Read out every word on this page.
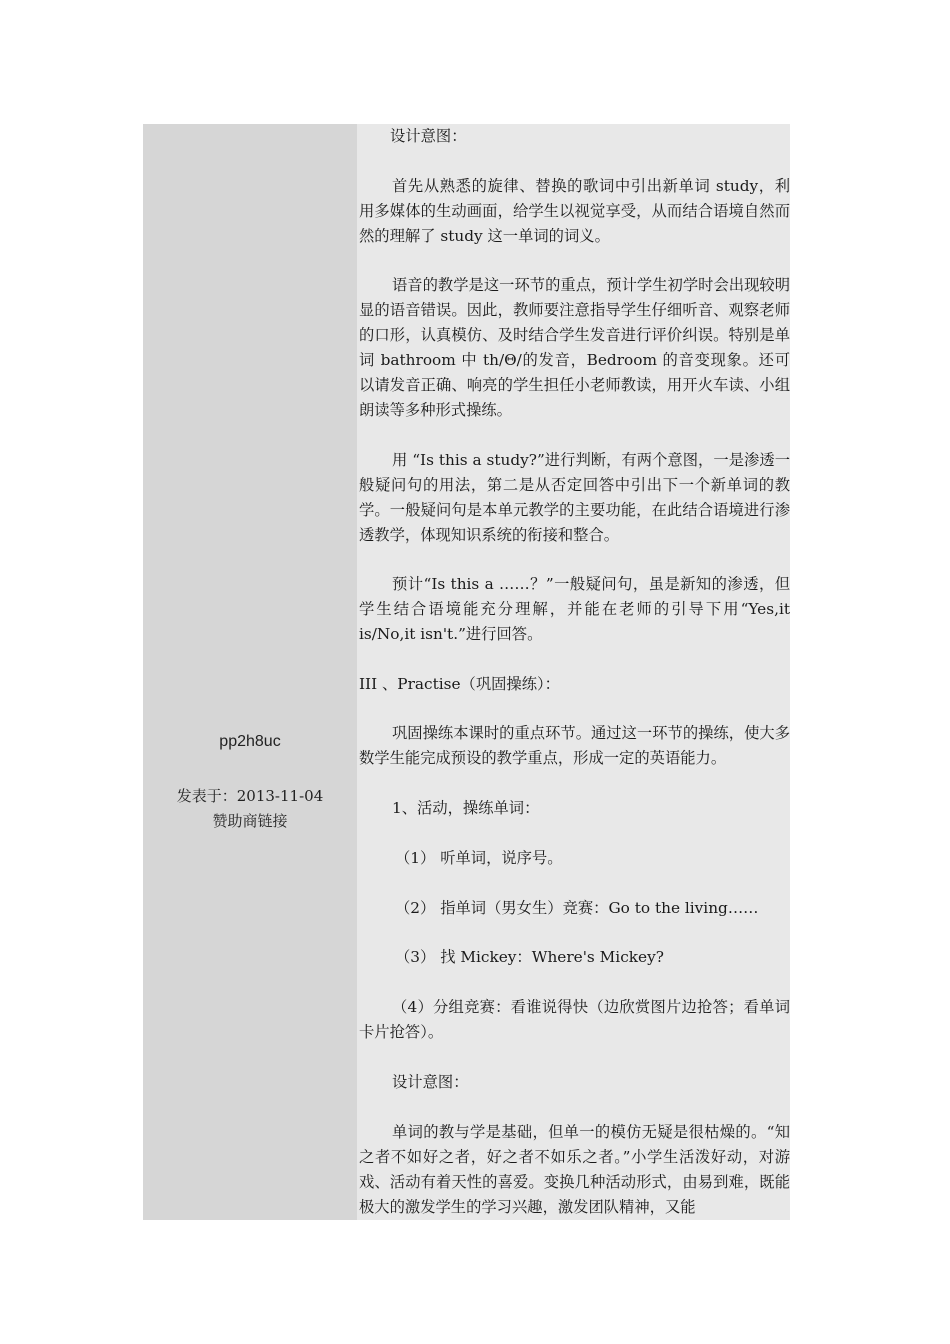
pp2h8uc
发表于：2013-11-04
赞助商链接
设计意图：
首先从熟悉的旋律、替换的歌词中引出新单词 study，利用多媒体的生动画面，给学生以视觉享受，从而结合语境自然而然的理解了 study 这一单词的词义。
语音的教学是这一环节的重点，预计学生初学时会出现较明显的语音错误。因此，教师要注意指导学生仔细听音、观察老师的口形，认真模仿、及时结合学生发音进行评价纠误。特别是单词 bathroom 中 th/Θ/的发音，Bedroom 的音变现象。还可以请发音正确、响亮的学生担任小老师教读，用开火车读、小组朗读等多种形式操练。
用 “Is this a study?”进行判断，有两个意图，一是渗透一般疑问句的用法，第二是从否定回答中引出下一个新单词的教学。一般疑问句是本单元教学的主要功能，在此结合语境进行渗透教学，体现知识系统的衔接和整合。
预计“Is this a ……？”一般疑问句，虽是新知的渗透，但学生结合语境能充分理解，并能在老师的引导下用“Yes,it is/No,it isn't.”进行回答。
III 、Practise（巩固操练）：
巩固操练本课时的重点环节。通过这一环节的操练，使大多数学生能完成预设的教学重点，形成一定的英语能力。
1、活动，操练单词：
（1） 听单词，说序号。
（2） 指单词（男女生）竞赛：Go to the living……
（3） 找 Mickey：Where's Mickey?
（4）分组竞赛：看谁说得快（边欣赏图片边抢答；看单词卡片抢答）。
设计意图：
单词的教与学是基础，但单一的模仿无疑是很枯燥的。“知之者不如好之者，好之者不如乐之者。”小学生活泼好动，对游戏、活动有着天性的喜爱。变换几种活动形式，由易到难，既能极大的激发学生的学习兴趣，激发团队精神，又能
